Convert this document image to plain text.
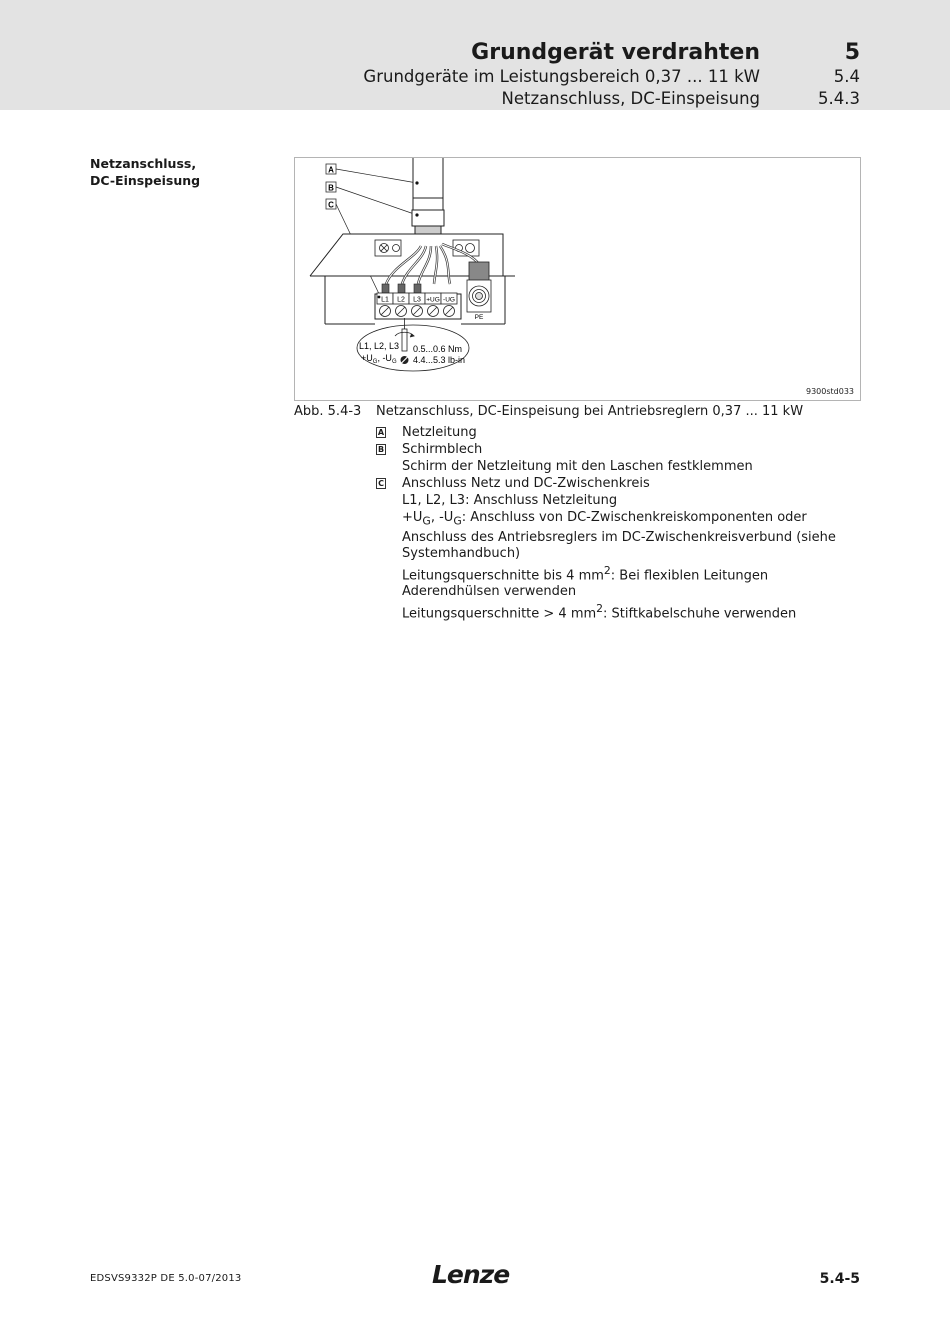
Grundgerät verdrahten	5
Grundgeräte im Leistungsbereich 0,37 ... 11 kW	5.4
Netzanschluss, DC-Einspeisung	5.4.3
Netzanschluss,
DC-Einspeisung
A
B
C
L1 L2 L3 +UG -UG
PE
L1, L2, L3
$+U_G$, $-U_G$
0.5...0.6 Nm
4.4...5.3 lb-in
9300std033
Abb. 5.4-3 Netzanschluss, DC-Einspeisung bei Antriebsreglern 0,37 ... 11 kW
A	Netzleitung
B	Schirmblech
Schirm der Netzleitung mit den Laschen festklemmen
C	Anschluss Netz und DC-Zwischenkreis
L1, L2, L3: Anschluss Netzleitung
$+U_G$, $-U_G$: Anschluss von DC-Zwischenkreiskomponenten oder Anschluss des Antriebsreglers im DC-Zwischenkreisverbund (siehe Systemhandbuch)
Leitungsquerschnitte bis 4 $mm^2$: Bei flexiblen Leitungen Aderendhülsen verwenden
Leitungsquerschnitte > 4 $mm^2$: Stiftkabelschuhe verwenden
EDSVS9332P DE 5.0-07/2013	Lenze	5.4-5
